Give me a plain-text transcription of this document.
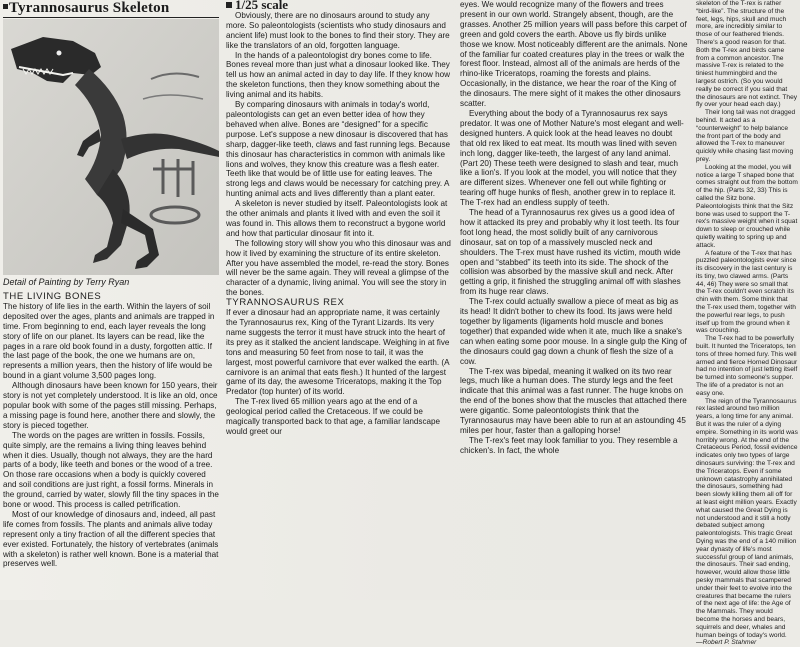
Tyrannosaurus Skeleton
Detail of Painting by Terry Ryan

THE LIVING BONES

The history of life lies in the earth. Within the layers of soil deposited over the ages, plants and animals are trapped in time. From beginning to end, each layer reveals the long story of life on our planet. Its layers can be read, like the pages in a rare old book found in a dusty, forgotten attic. If the last page of the book, the one we humans are on, represents a million years, then the history of life would be bound in a giant volume 3,500 pages long.

Although dinosaurs have been known for 150 years, their story is not yet completely understood. It is like an old, once popular book with some of the pages still missing. Perhaps, a missing page is found here, another there and slowly, the story is pieced together.

The words on the pages are written in fossils. Fossils, quite simply, are the remains a living thing leaves behind when it dies. Usually, though not always, they are the hard parts of a body, like teeth and bones or the wood of a tree. On those rare occasions when a body is quickly covered and soil conditions are just right, a fossil forms. Minerals in the ground, carried by water, slowly fill the tiny spaces in the bone or wood. This process is called petrification.

Most of our knowledge of dinosaurs and, indeed, all past life comes from fossils. The plants and animals alive today represent only a tiny fraction of all the different species that ever existed. Fortunately, the history of vertebrates (animals with a skeleton) is rather well known. Bone is a material that preserves well.

1/25 scale

Obviously, there are no dinosaurs around to study any more. So paleontologists (scientists who study dinosaurs and ancient life) must look to the bones to find their story. They are like the translators of an old, forgotten language.

In the hands of a paleontologist dry bones come to life. Bones reveal more than just what a dinosaur looked like. They tell us how an animal acted in day to day life. If they know how the skeleton functions, then they know something about the living animal and its habits.

By comparing dinosaurs with animals in today's world, paleontologists can get an even better idea of how they behaved when alive. Bones are “designed” for a specific purpose. Let's suppose a new dinosaur is discovered that has sharp, dagger-like teeth, claws and fast running legs. Because this dinosaur has characteristics in common with animals like lions and wolves, they know this creature was a flesh eater. Teeth like that would be of little use for eating leaves. The strong legs and claws would be necessary for catching prey. A hunting animal acts and lives differently than a plant eater.

A skeleton is never studied by itself. Paleontologists look at the other animals and plants it lived with and even the soil it was found in. This allows them to reconstruct a bygone world and how that particular dinosaur fit into it.

The following story will show you who this dinosaur was and how it lived by examining the structure of its entire skeleton. After you have assembled the model, re-read the story. Bones will never be the same again. They will reveal a glimpse of the character of a dynamic, living animal. You will see the story in the bones.

TYRANNOSAURUS REX

If ever a dinosaur had an appropriate name, it was certainly the Tyrannosaurus rex, King of the Tyrant Lizards. Its very name suggests the terror it must have struck into the heart of its prey as it stalked the ancient landscape. Weighing in at five tons and measuring 50 feet from nose to tail, it was the largest, most powerful carnivore that ever walked the earth. (A carnivore is an animal that eats flesh.) It hunted of the largest game of its day, the awesome Triceratops, making it the Top Predator (top hunter) of its world.

The T-rex lived 65 million years ago at the end of a geological period called the Cretaceous. If we could be magically transported back to that age, a familiar landscape would greet our

eyes. We would recognize many of the flowers and trees present in our own world. Strangely absent, though, are the grasses. Another 25 million years will pass before this carpet of green and gold covers the earth. Above us fly birds unlike those we know. Most noticeably different are the animals. None of the familiar fur coated creatures play in the trees or walk the forest floor. Instead, almost all of the animals are herds of the rhino-like Triceratops, roaming the forests and plains. Occasionally, in the distance, we hear the roar of the King of the dinosaurs. The mere sight of it makes the other dinosaurs scatter.

Everything about the body of a Tyrannosaurus rex says predator. It was one of Mother Nature's most elegant and well-designed hunters. A quick look at the head leaves no doubt that old rex liked to eat meat. Its mouth was lined with seven inch long, dagger like-teeth, the largest of any land animal. (Part 20) These teeth were designed to slash and tear, much like a lion's. If you look at the model, you will notice that they are different sizes. Whenever one fell out while fighting or tearing off huge hunks of flesh, another grew in to replace it. The T-rex had an endless supply of teeth.

The head of a Tyrannosaurus rex gives us a good idea of how it attacked its prey and probably why it lost teeth. Its four foot long head, the most solidly built of any carnivorous dinosaur, sat on top of a massively muscled neck and shoulders. The T-rex must have rushed its victim, mouth wide open and “stabbed” its teeth into its side. The shock of the collision was absorbed by the massive skull and neck. After getting a grip, it finished the struggling animal off with slashes from its huge rear claws.

The T-rex could actually swallow a piece of meat as big as its head! It didn't bother to chew its food. Its jaws were held together by ligaments (ligaments hold muscle and bones together) that expanded wide when it ate, much like a snake's can when eating some poor mouse. In a single gulp the King of the dinosaurs could gag down a chunk of flesh the size of a cow.

The T-rex was bipedal, meaning it walked on its two rear legs, much like a human does. The sturdy legs and the feet indicate that this animal was a fast runner. The huge knobs on the end of the bones show that the muscles that attached there were gigantic. Some paleontologists think that the Tyrannosaurus may have been able to run at an astounding 45 miles per hour, faster than a galloping horse!

The T-rex's feet may look familiar to you. They resemble a chicken's. In fact, the whole

skeleton of the T-rex is rather “bird-like”. The structure of the feet, legs, hips, skull and much more, are incredibly similar to those of our feathered friends. There's a good reason for that. Both the T-rex and birds came from a common ancestor. The massive T-rex is related to the tiniest hummingbird and the largest ostrich. (So you would really be correct if you said that the dinosaurs are not extinct. They fly over your head each day.)

Their long tail was not dragged behind. It acted as a “counterweight” to help balance the front part of the body and allowed the T-rex to maneuver quickly while chasing fast moving prey.

Looking at the model, you will notice a large T shaped bone that comes straight out from the bottom of the hip. (Parts 32, 33) This is called the Sitz bone. Paleontologists think that the Sitz bone was used to support the T-rex's massive weight when it squat down to sleep or crouched while quietly waiting to spring up and attack.

A feature of the T-rex that has puzzled paleontologists ever since its discovery in the last century is its tiny, two clawed arms. (Parts 44, 46) They were so small that the T-rex couldn't even scratch its chin with them. Some think that the T-rex used them, together with the powerful rear legs, to push itself up from the ground when it was crouching.

The T-rex had to be powerfully built. It hunted the Triceratops, ten tons of three horned fury. This well armed and fierce Horned Dinosaur had no intention of just letting itself be turned into someone's supper. The life of a predator is not an easy one.

The reign of the Tyrannosaurus rex lasted around two million years, a long time for any animal. But it was the ruler of a dying empire. Something in its world was horribly wrong. At the end of the Cretaceous Period, fossil evidence indicates only two types of large dinosaurs surviving: the T-rex and the Triceratops. Even if some unknown catastrophy annihilated the dinosaurs, something had been slowly killing them all off for at least eight million years. Exactly what caused the Great Dying is not understood and it still a hotly debated subject among paleontologists. This tragic Great Dying was the end of a 140 million year dynasty of life's most successful group of land animals, the dinosaurs. Their sad ending, however, would allow those little pesky mammals that scampered under their feet to evolve into the creatures that became the rulers of the next age of life: the Age of the Mammals. They would become the horses and bears, squirrels and deer, whales and human beings of today's world.

—Robert P. Stahmer
